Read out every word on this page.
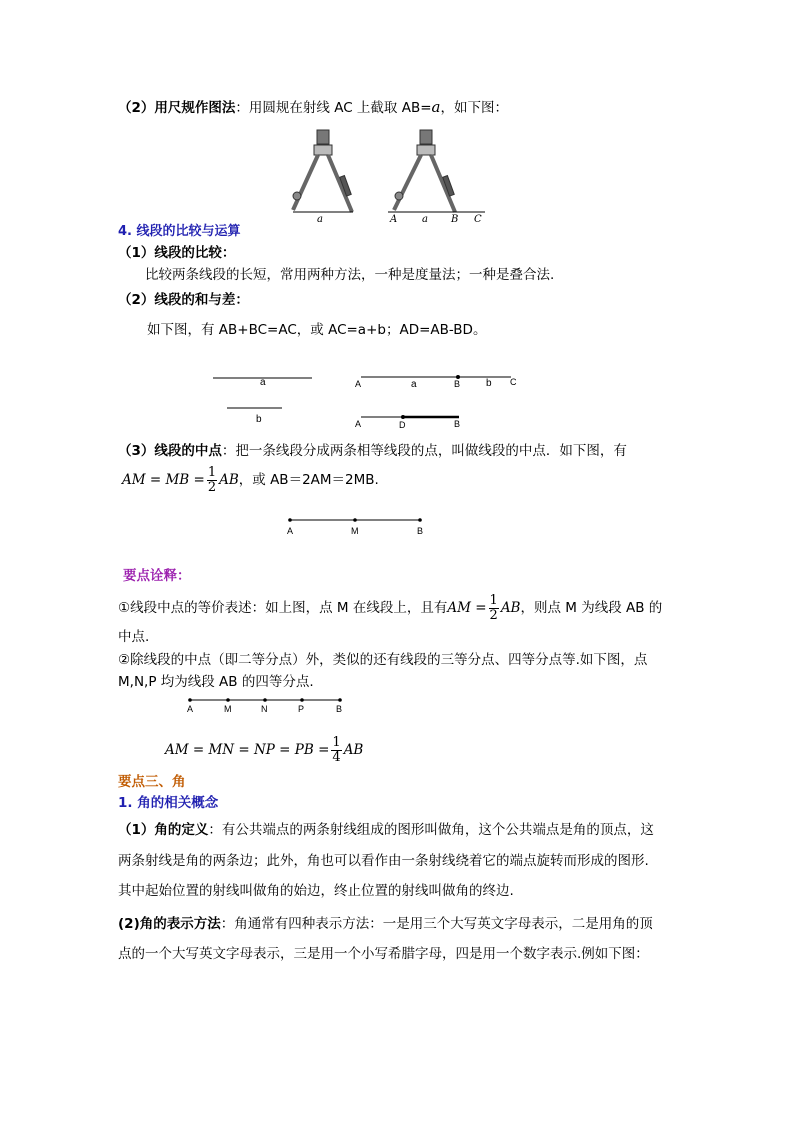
（2）用尺规作图法：用圆规在射线 AC 上截取 AB=a，如下图：
a	A a B C
4. 线段的比较与运算
（1）线段的比较：
比较两条线段的长短，常用两种方法，一种是度量法；一种是叠合法.
（2）线段的和与差：
如下图，有 AB+BC=AC，或 AC=a+b；AD=AB-BD。
a
b
A	a	B	b C
A	D	B
（3）线段的中点：把一条线段分成两条相等线段的点，叫做线段的中点．如下图，有
AM = MB = $\frac{1}{2}$ AB，或 AB＝2AM＝2MB.
A	M	B
要点诠释：
①线段中点的等价表述：如上图，点 M 在线段上，且有AM = $\frac{1}{2}$ AB，则点 M 为线段 AB 的
中点.
②除线段的中点（即二等分点）外，类似的还有线段的三等分点、四等分点等.如下图，点
M,N,P 均为线段 AB 的四等分点.
A	M	N	P	B
AM = MN = NP = PB = $\frac{1}{4}$ AB
要点三、角
1. 角的相关概念
（1）角的定义：有公共端点的两条射线组成的图形叫做角，这个公共端点是角的顶点，这
两条射线是角的两条边；此外，角也可以看作由一条射线绕着它的端点旋转而形成的图形.
其中起始位置的射线叫做角的始边，终止位置的射线叫做角的终边.
(2)角的表示方法：角通常有四种表示方法：一是用三个大写英文字母表示，二是用角的顶
点的一个大写英文字母表示，三是用一个小写希腊字母，四是用一个数字表示.例如下图：
